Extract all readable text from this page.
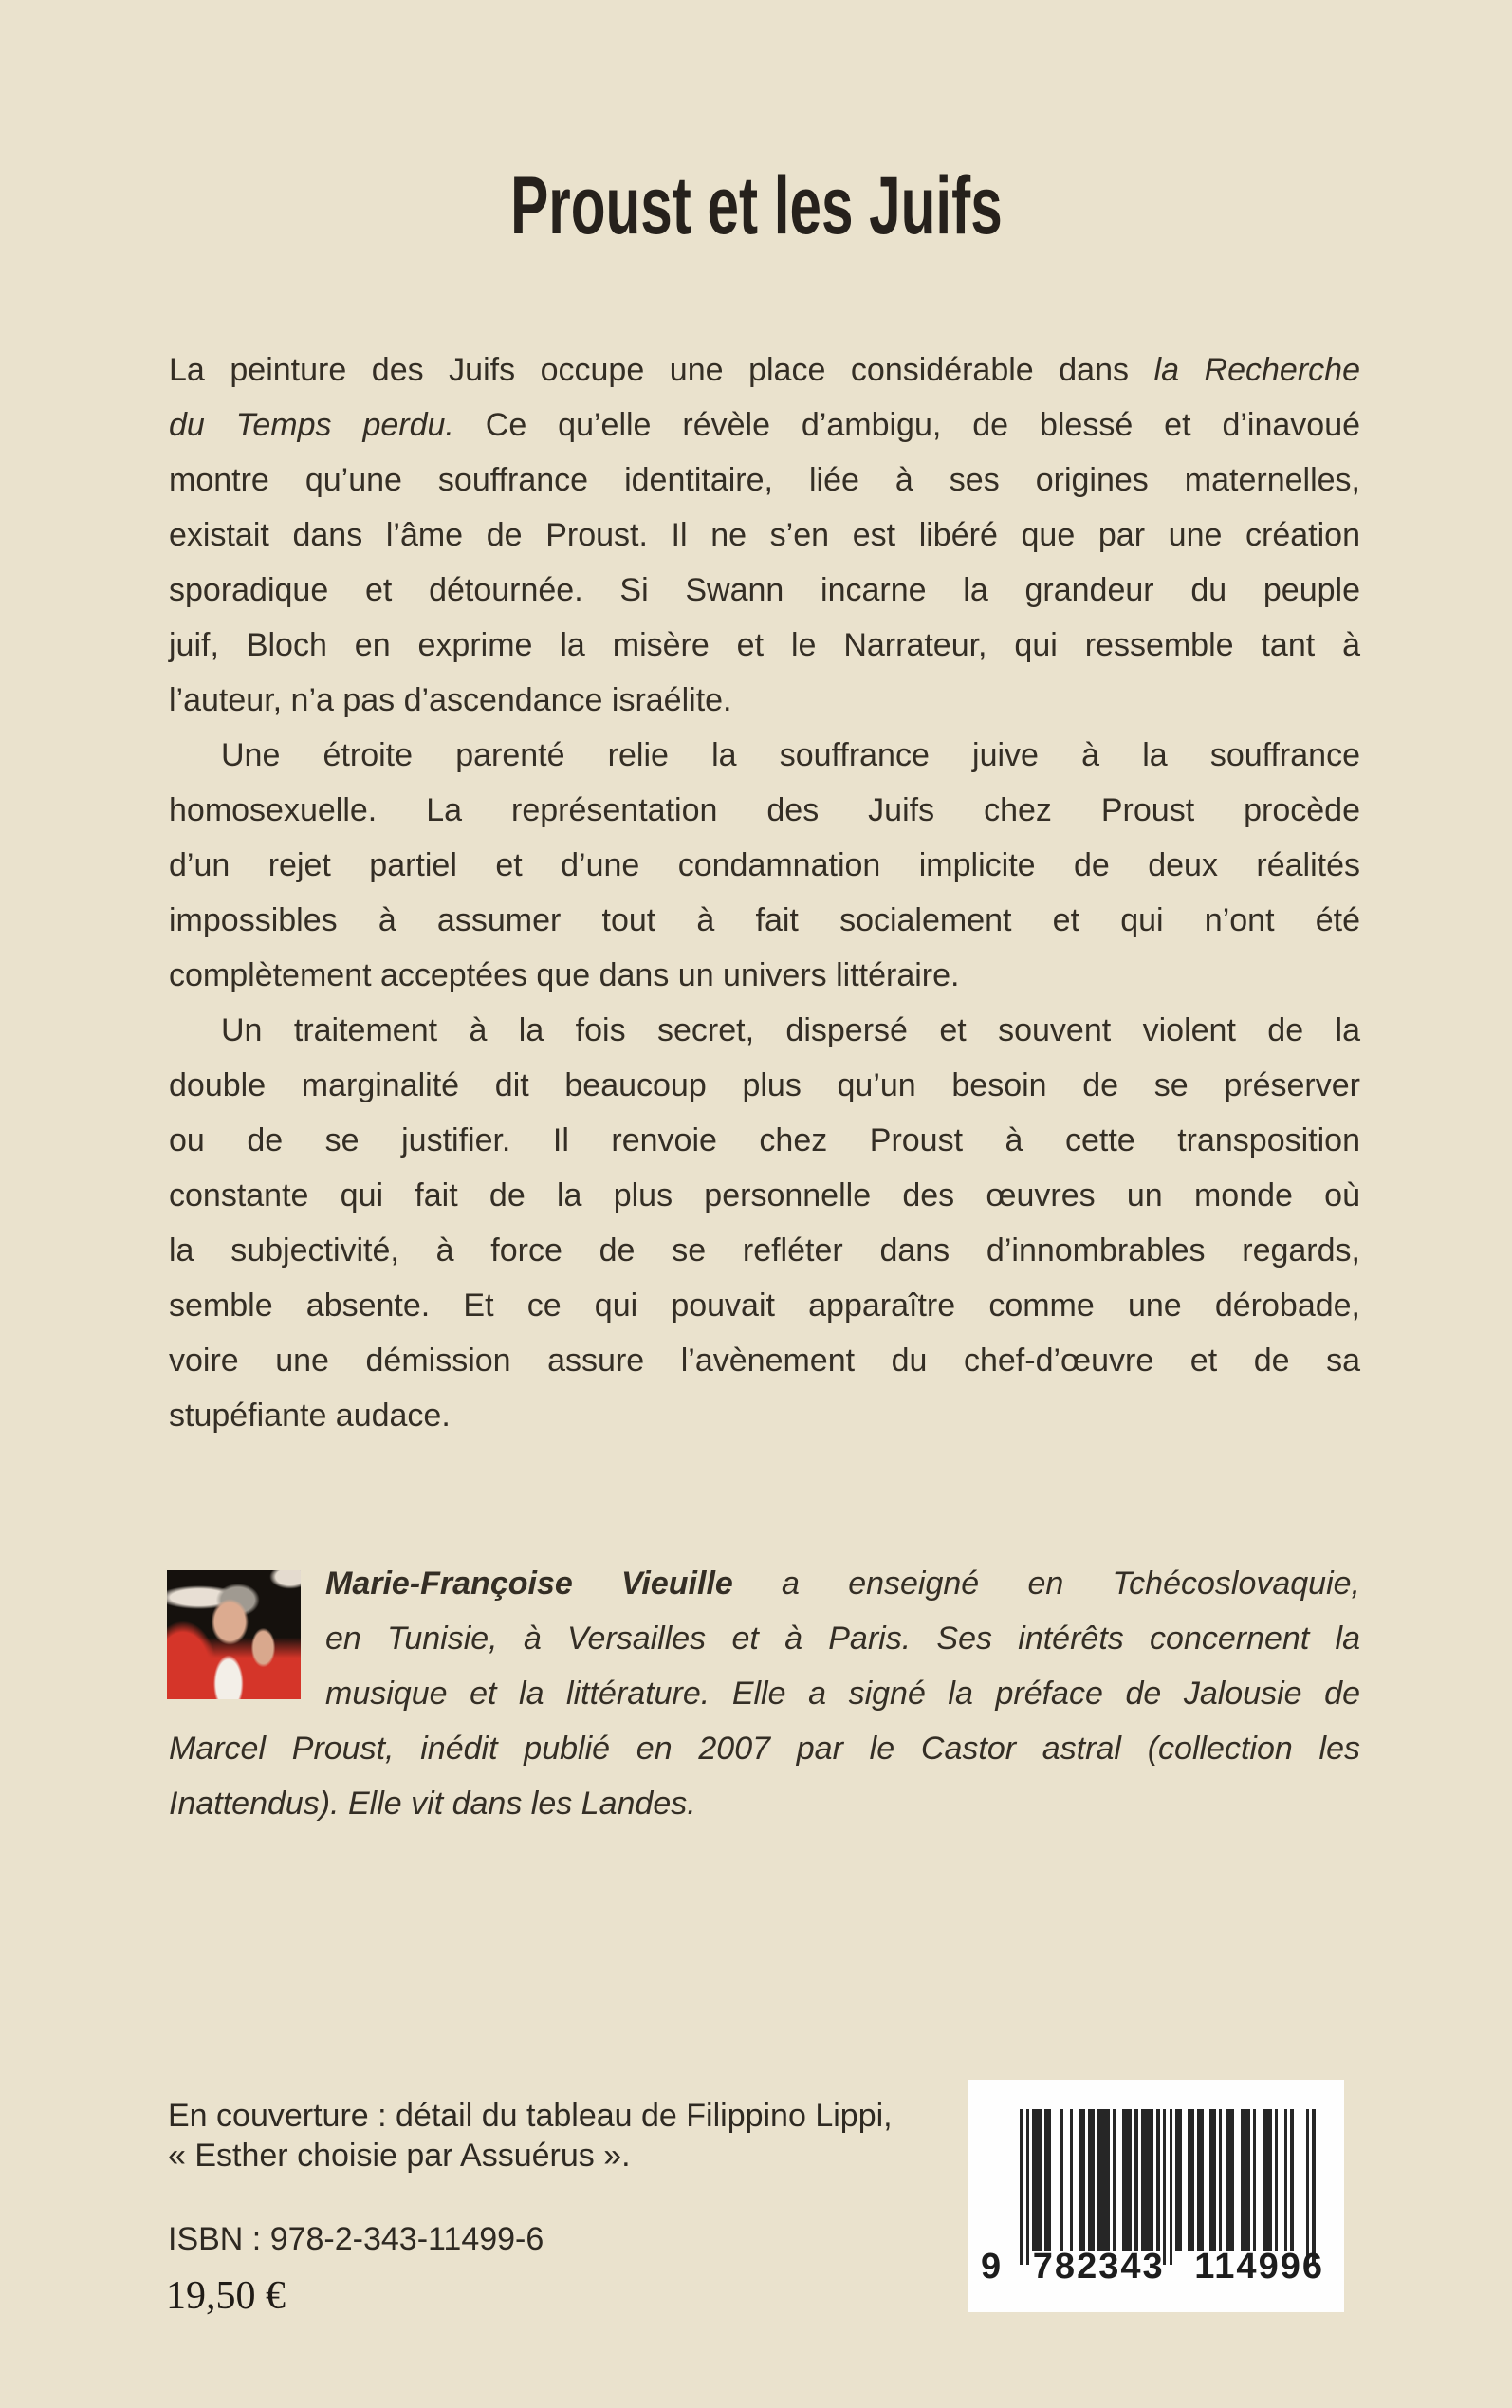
Proust et les Juifs
La peinture des Juifs occupe une place considérable dans la Recherche
du Temps perdu. Ce qu’elle révèle d’ambigu, de blessé et d’inavoué
montre qu’une souffrance identitaire, liée à ses origines maternelles,
existait dans l’âme de Proust. Il ne s’en est libéré que par une création
sporadique et détournée. Si Swann incarne la grandeur du peuple
juif, Bloch en exprime la misère et le Narrateur, qui ressemble tant à
l’auteur, n’a pas d’ascendance israélite.
Une étroite parenté relie la souffrance juive à la souffrance
homosexuelle. La représentation des Juifs chez Proust procède
d’un rejet partiel et d’une condamnation implicite de deux réalités
impossibles à assumer tout à fait socialement et qui n’ont été
complètement acceptées que dans un univers littéraire.
Un traitement à la fois secret, dispersé et souvent violent de la
double marginalité dit beaucoup plus qu’un besoin de se préserver
ou de se justifier. Il renvoie chez Proust à cette transposition
constante qui fait de la plus personnelle des œuvres un monde où
la subjectivité, à force de se refléter dans d’innombrables regards,
semble absente. Et ce qui pouvait apparaître comme une dérobade,
voire une démission assure l’avènement du chef-d’œuvre et de sa
stupéfiante audace.
Marie-Françoise Vieuille a enseigné en Tchécoslovaquie,
en Tunisie, à Versailles et à Paris. Ses intérêts concernent la
musique et la littérature. Elle a signé la préface de Jalousie de
Marcel Proust, inédit publié en 2007 par le Castor astral (collection les
Inattendus). Elle vit dans les Landes.
En couverture : détail du tableau de Filippino Lippi,
« Esther choisie par Assuérus ».
ISBN : 978-2-343-11499-6
19,50 €
9 782343 114996
